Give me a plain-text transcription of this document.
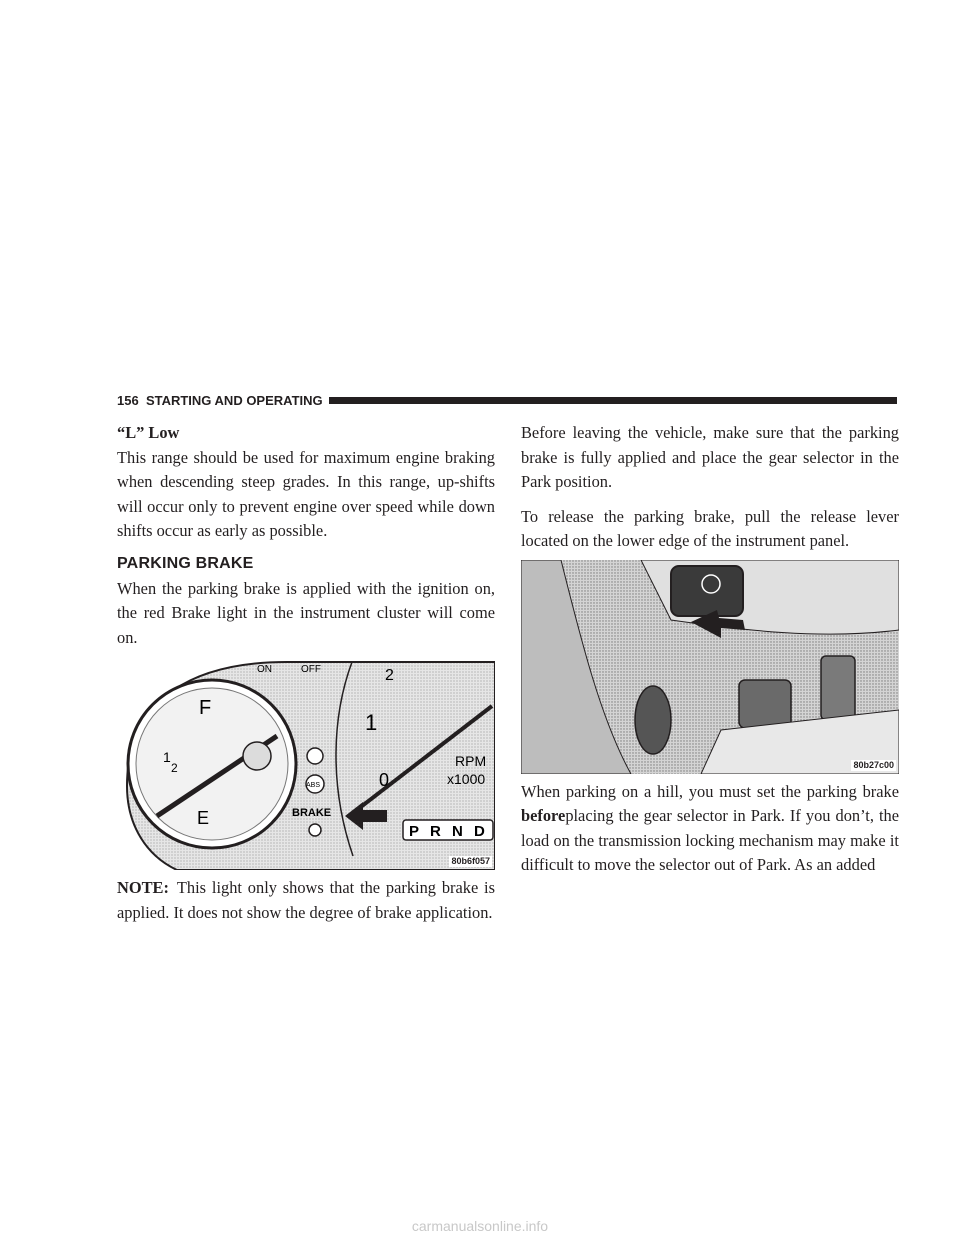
156 STARTING AND OPERATING

“L” Low

This range should be used for maximum engine braking when descending steep grades. In this range, up-shifts will occur only to prevent engine over speed while down shifts occur as early as possible.

PARKING BRAKE

When the parking brake is applied with the ignition on, the red Brake light in the instrument cluster will come on.

F
1
2
E
ON	OFF
ABS
BRAKE
2
1
0
RPM
x1000
P R N D
80b6f057

NOTE: This light only shows that the parking brake is applied. It does not show the degree of brake application.

Before leaving the vehicle, make sure that the parking brake is fully applied and place the gear selector in the Park position.

To release the parking brake, pull the release lever located on the lower edge of the instrument panel.

80b27c00

When parking on a hill, you must set the parking brake beforeplacing the gear selector in Park. If you don’t, the load on the transmission locking mechanism may make it difficult to move the selector out of Park. As an added

carmanualsonline.info
